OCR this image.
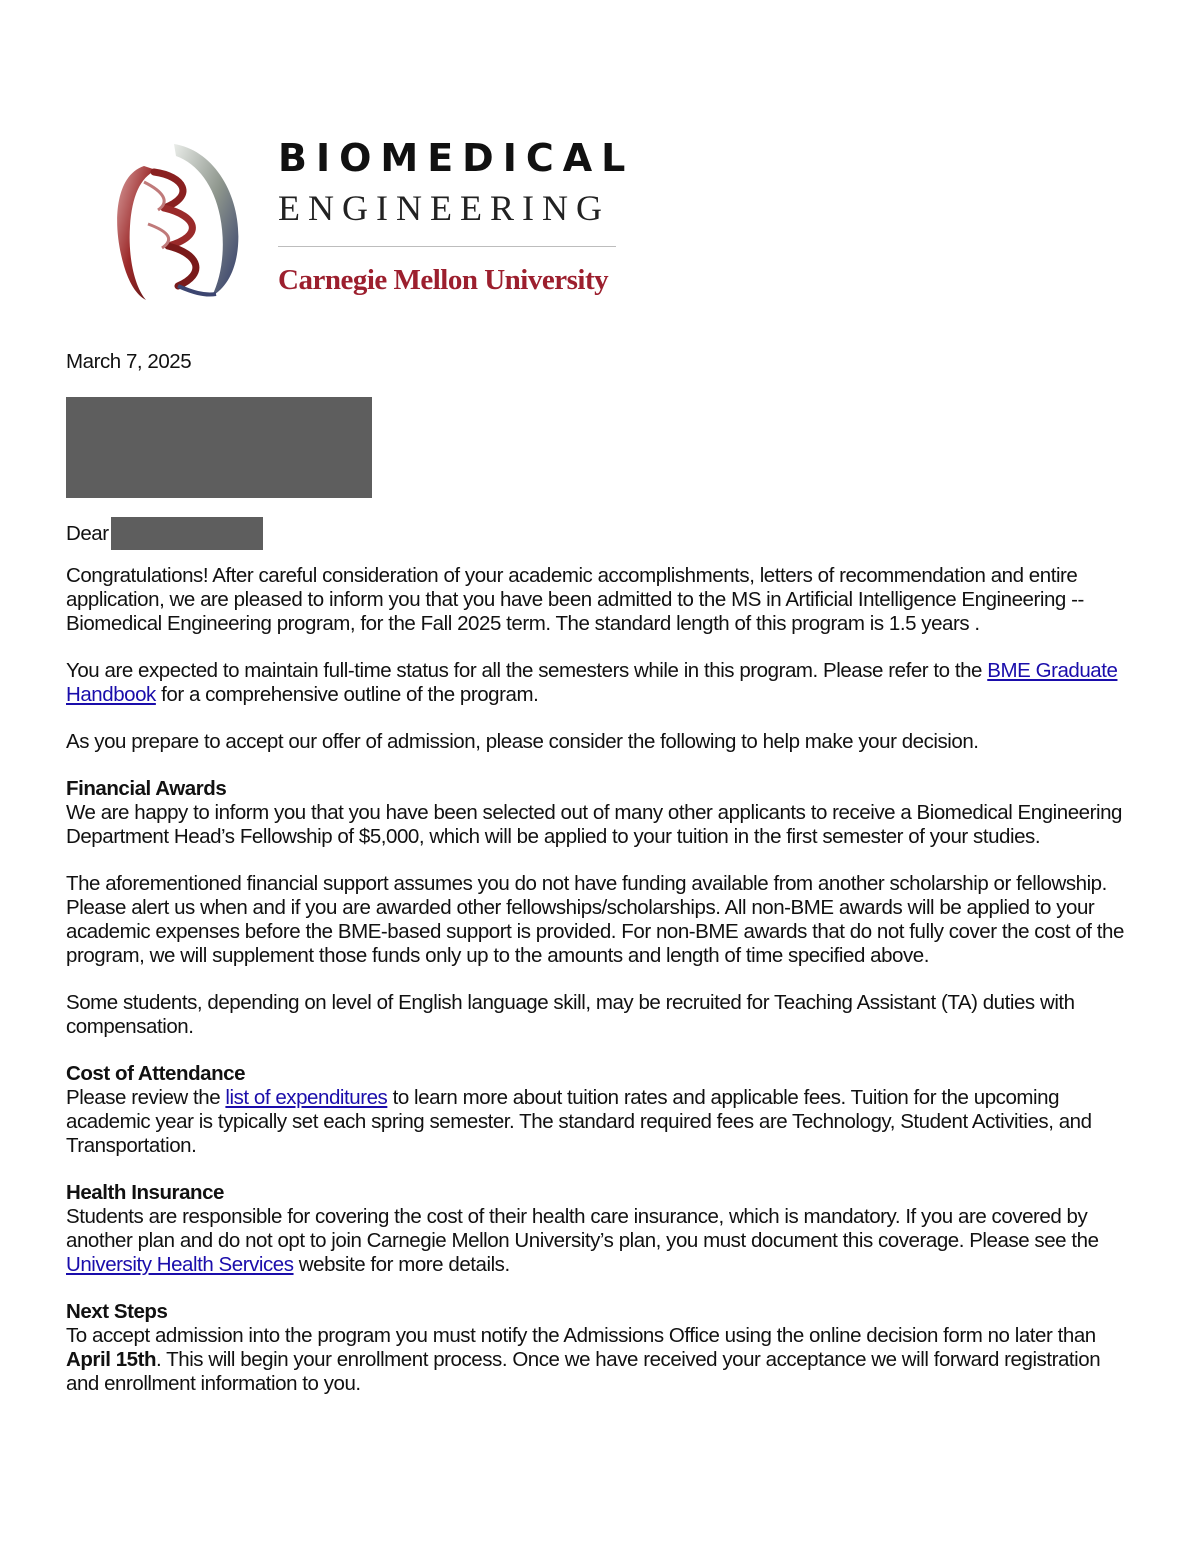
BIOMEDICAL
ENGINEERING
Carnegie Mellon University

March 7, 2025

Dear

Congratulations! After careful consideration of your academic accomplishments, letters of recommendation and entire application, we are pleased to inform you that you have been admitted to the MS in Artificial Intelligence Engineering -- Biomedical Engineering program, for the Fall 2025 term. The standard length of this program is 1.5 years .

You are expected to maintain full-time status for all the semesters while in this program. Please refer to the BME Graduate Handbook for a comprehensive outline of the program.

As you prepare to accept our offer of admission, please consider the following to help make your decision.

Financial Awards
We are happy to inform you that you have been selected out of many other applicants to receive a Biomedical Engineering Department Head’s Fellowship of $5,000, which will be applied to your tuition in the first semester of your studies.

The aforementioned financial support assumes you do not have funding available from another scholarship or fellowship. Please alert us when and if you are awarded other fellowships/scholarships. All non-BME awards will be applied to your academic expenses before the BME-based support is provided. For non-BME awards that do not fully cover the cost of the program, we will supplement those funds only up to the amounts and length of time specified above.

Some students, depending on level of English language skill, may be recruited for Teaching Assistant (TA) duties with compensation.

Cost of Attendance
Please review the list of expenditures to learn more about tuition rates and applicable fees. Tuition for the upcoming academic year is typically set each spring semester. The standard required fees are Technology, Student Activities, and Transportation.

Health Insurance
Students are responsible for covering the cost of their health care insurance, which is mandatory. If you are covered by another plan and do not opt to join Carnegie Mellon University’s plan, you must document this coverage. Please see the University Health Services website for more details.

Next Steps
To accept admission into the program you must notify the Admissions Office using the online decision form no later than April 15th. This will begin your enrollment process. Once we have received your acceptance we will forward registration and enrollment information to you.
